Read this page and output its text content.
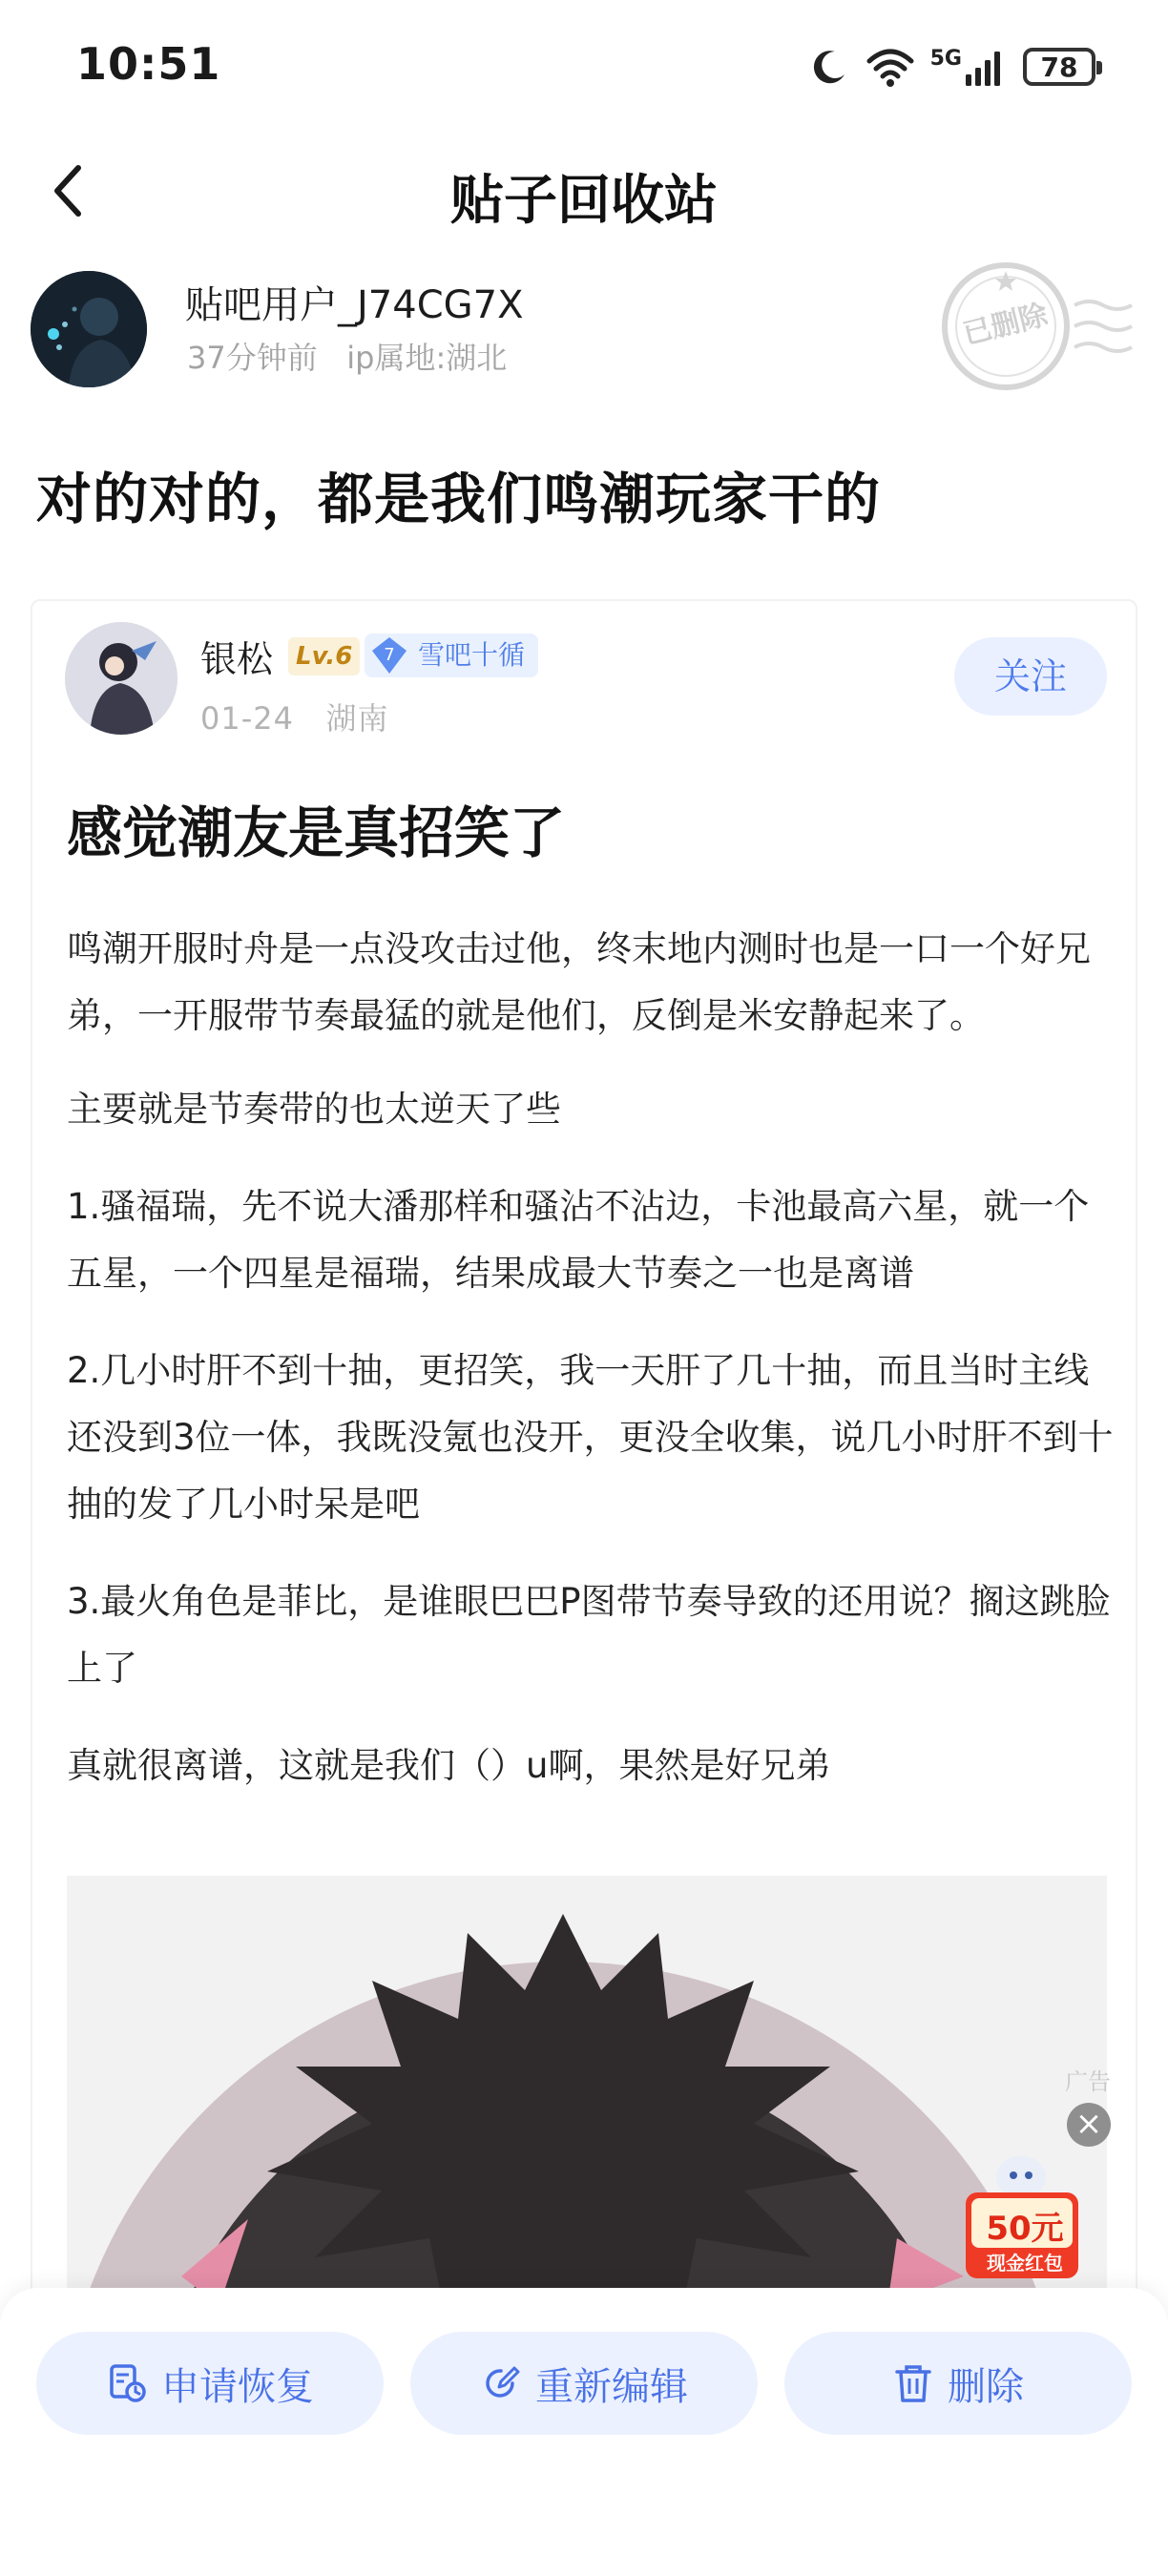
10:51	5G	78
贴子回收站
贴吧用户_J74CG7X
37分钟前 ip属地:湖北
已删除
对的对的，都是我们鸣潮玩家干的
银松 Lv.6	7 雪吧十循
01-24 湖南
关注
感觉潮友是真招笑了

鸣潮开服时舟是一点没攻击过他，终末地内测时也是一口一个好兄弟，一开服带节奏最猛的就是他们，反倒是米安静起来了。

主要就是节奏带的也太逆天了些

1.骚福瑞，先不说大潘那样和骚沾不沾边，卡池最高六星，就一个五星，一个四星是福瑞，结果成最大节奏之一也是离谱

2.几小时肝不到十抽，更招笑，我一天肝了几十抽，而且当时主线还没到3位一体，我既没氪也没开，更没全收集，说几小时肝不到十抽的发了几小时呆是吧

3.最火角色是菲比，是谁眼巴巴P图带节奏导致的还用说？搁这跳脸上了

真就很离谱，这就是我们（）u啊，果然是好兄弟

广告
×
50元
现金红包
申请恢复	重新编辑	删除
